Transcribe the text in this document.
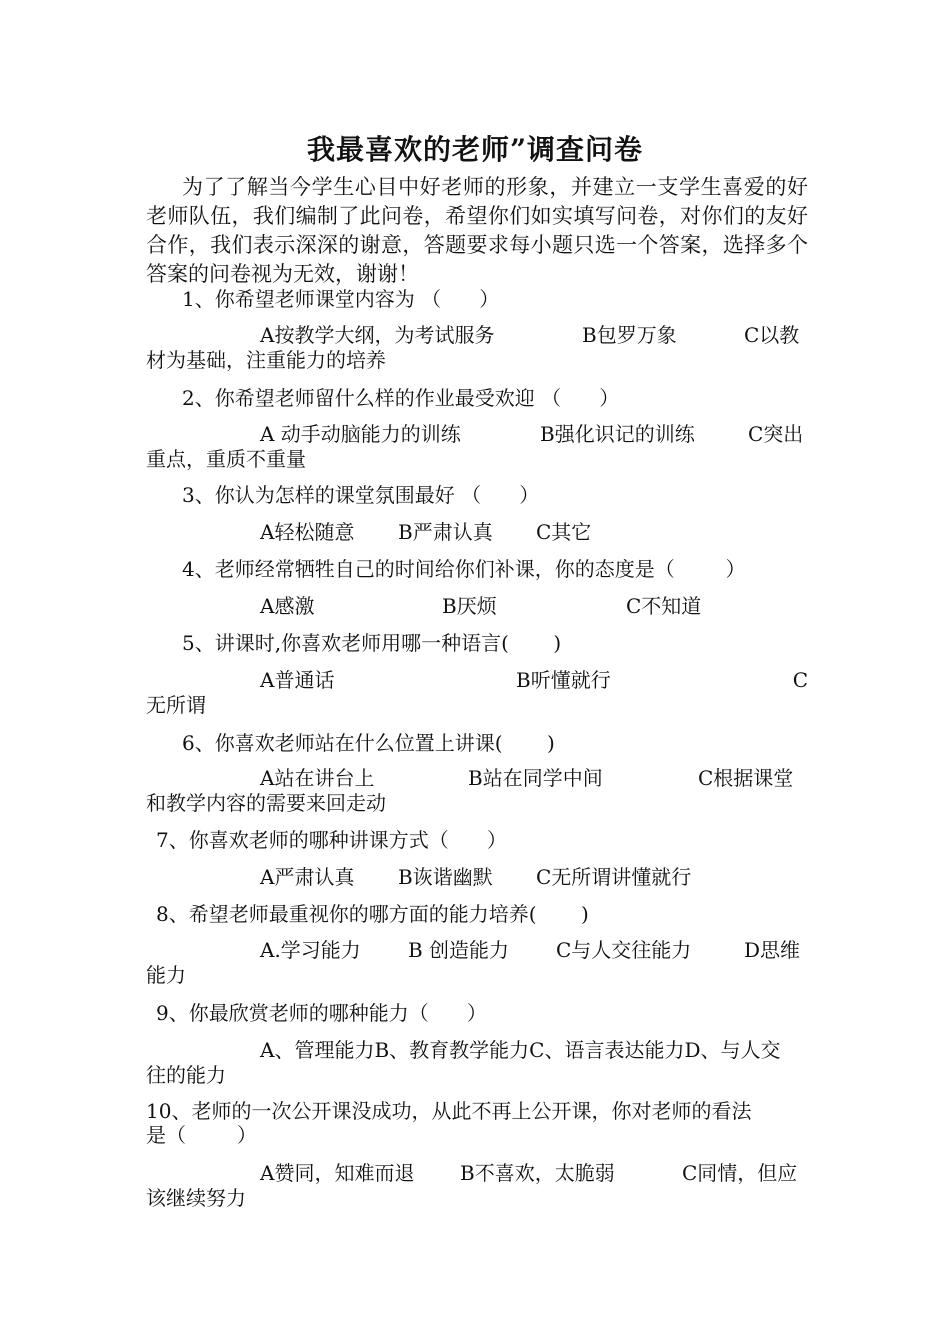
我最喜欢的老师”调查问卷

为了了解当今学生心目中好老师的形象，并建立一支学生喜爱的好老师队伍，我们编制了此问卷，希望你们如实填写问卷，对你们的友好合作，我们表示深深的谢意，答题要求每小题只选一个答案，选择多个答案的问卷视为无效，谢谢！

1、你希望老师课堂内容为 （      ）

A按教学大纲，为考试服务	B包罗万象	C以教
材为基础，注重能力的培养

2、你希望老师留什么样的作业最受欢迎 （      ）

A 动手动脑能力的训练	B强化识记的训练	C突出
重点，重质不重量

3、你认为怎样的课堂氛围最好 （      ）

A轻松随意	B严肃认真	C其它

4、老师经常牺牲自己的时间给你们补课，你的态度是（        ）

A感激	B厌烦	C不知道

5、讲课时,你喜欢老师用哪一种语言(       )

A普通话	B听懂就行	C
无所谓

6、你喜欢老师站在什么位置上讲课(       )

A站在讲台上	B站在同学中间	C根据课堂
和教学内容的需要来回走动

7、你喜欢老师的哪种讲课方式（      ）

A严肃认真	B诙谐幽默	C无所谓讲懂就行

8、希望老师最重视你的哪方面的能力培养(       )

A.学习能力	B 创造能力	C与人交往能力	D思维
能力

9、你最欣赏老师的哪种能力（      ）

A、管理能力B、教育教学能力C、语言表达能力D、与人交
往的能力

10、老师的一次公开课没成功，从此不再上公开课，你对老师的看法

是（        ）

A赞同，知难而退	B不喜欢，太脆弱	C同情，但应
该继续努力
